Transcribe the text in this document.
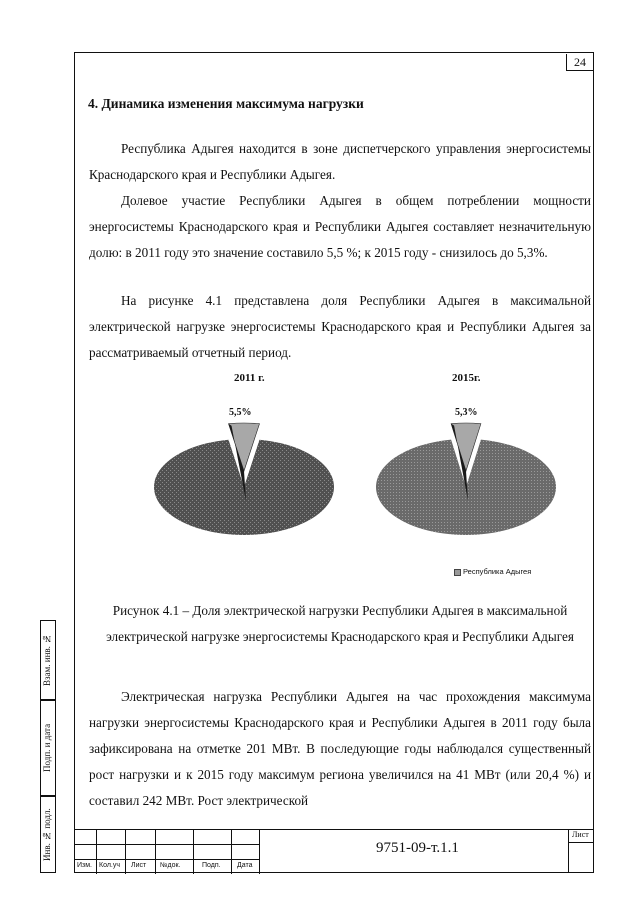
24
4. Динамика изменения максимума нагрузки
Республика Адыгея находится в зоне диспетчерского управления энергосистемы Краснодарского края и Республики Адыгея.
Долевое участие Республики Адыгея в общем потреблении мощности энергосистемы Краснодарского края и Республики Адыгея составляет незначительную долю: в 2011 году это значение составило 5,5 %; к 2015 году - снизилось до 5,3%.
На рисунке 4.1 представлена доля Республики Адыгея в максимальной электрической нагрузке энергосистемы Краснодарского края и Республики Адыгея за рассматриваемый отчетный период.
2011 г.	2015г.
5,5%	5,3%
Республика Адыгея
Рисунок 4.1 – Доля электрической нагрузки Республики Адыгея в максимальной электрической нагрузке энергосистемы Краснодарского края и Республики Адыгея
Электрическая нагрузка Республики Адыгея на час прохождения максимума нагрузки энергосистемы Краснодарского края и Республики Адыгея в 2011 году была зафиксирована на отметке 201 МВт. В последующие годы наблюдался существенный рост нагрузки и к 2015 году максимум региона увеличился на 41 МВт (или 20,4 %) и составил 242 МВт. Рост электрической
Взам. инв. №
Подп. и дата
Инв. № подл.
Изм. Кол.уч Лист №док.	Подп. Дата
9751-09-т.1.1
Лист
